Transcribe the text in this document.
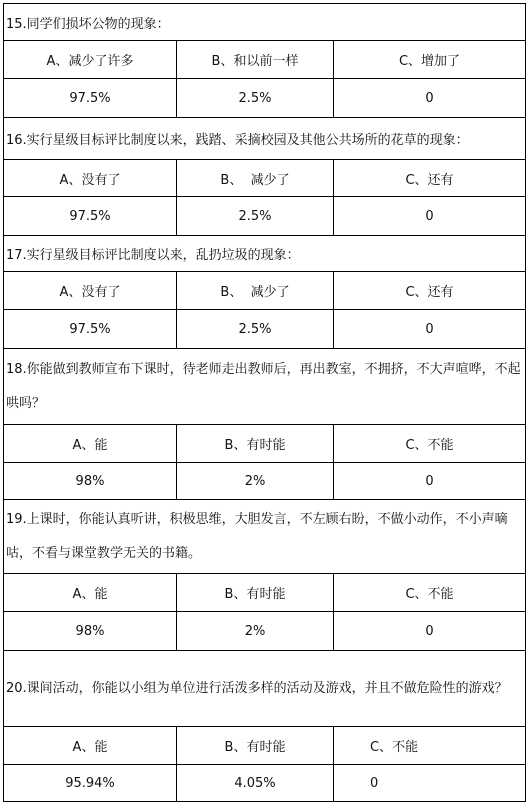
15.同学们损坏公物的现象：		
A、减少了许多	B、和以前一样	C、增加了
97.5%	2.5%	0
16.实行星级目标评比制度以来，践踏、采摘校园及其他公共场所的花草的现象：		
A、没有了	B、  减少了	C、还有
97.5%	2.5%	0
17.实行星级目标评比制度以来，乱扔垃圾的现象：		
A、没有了	B、  减少了	C、还有
97.5%	2.5%	0
18.你能做到教师宣布下课时，待老师走出教师后，再出教室，不拥挤，不大声喧哗，不起哄吗？		
A、能	B、有时能	C、不能
98%	2%	0
19.上课时，你能认真听讲，积极思维，大胆发言，不左顾右盼，不做小动作，不小声嘀咕，不看与课堂教学无关的书籍。		
A、能	B、有时能	C、不能
98%	2%	0
20.课间活动，你能以小组为单位进行活泼多样的活动及游戏，并且不做危险性的游戏？		
A、能	B、有时能	C、不能
95.94%	4.05%	0
